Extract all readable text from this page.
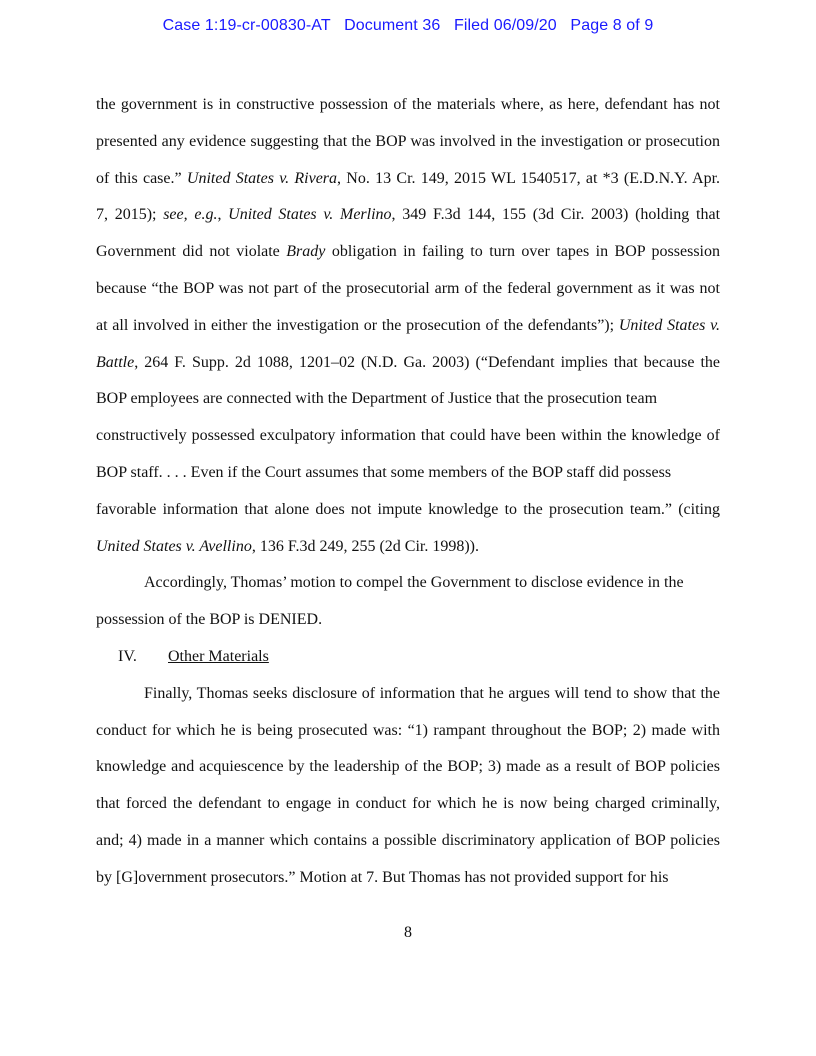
Case 1:19-cr-00830-AT Document 36 Filed 06/09/20 Page 8 of 9
the government is in constructive possession of the materials where, as here, defendant has not
presented any evidence suggesting that the BOP was involved in the investigation or prosecution
of this case.” United States v. Rivera, No. 13 Cr. 149, 2015 WL 1540517, at *3 (E.D.N.Y. Apr.
7, 2015); see, e.g., United States v. Merlino, 349 F.3d 144, 155 (3d Cir. 2003) (holding that
Government did not violate Brady obligation in failing to turn over tapes in BOP possession
because “the BOP was not part of the prosecutorial arm of the federal government as it was not
at all involved in either the investigation or the prosecution of the defendants”); United States v.
Battle, 264 F. Supp. 2d 1088, 1201–02 (N.D. Ga. 2003) (“Defendant implies that because the
BOP employees are connected with the Department of Justice that the prosecution team
constructively possessed exculpatory information that could have been within the knowledge of
BOP staff. . . . Even if the Court assumes that some members of the BOP staff did possess
favorable information that alone does not impute knowledge to the prosecution team.” (citing
United States v. Avellino, 136 F.3d 249, 255 (2d Cir. 1998)).
Accordingly, Thomas’ motion to compel the Government to disclose evidence in the
possession of the BOP is DENIED.
IV. Other Materials
Finally, Thomas seeks disclosure of information that he argues will tend to show that the
conduct for which he is being prosecuted was: “1) rampant throughout the BOP; 2) made with
knowledge and acquiescence by the leadership of the BOP; 3) made as a result of BOP policies
that forced the defendant to engage in conduct for which he is now being charged criminally,
and; 4) made in a manner which contains a possible discriminatory application of BOP policies
by [G]overnment prosecutors.” Motion at 7. But Thomas has not provided support for his
8
